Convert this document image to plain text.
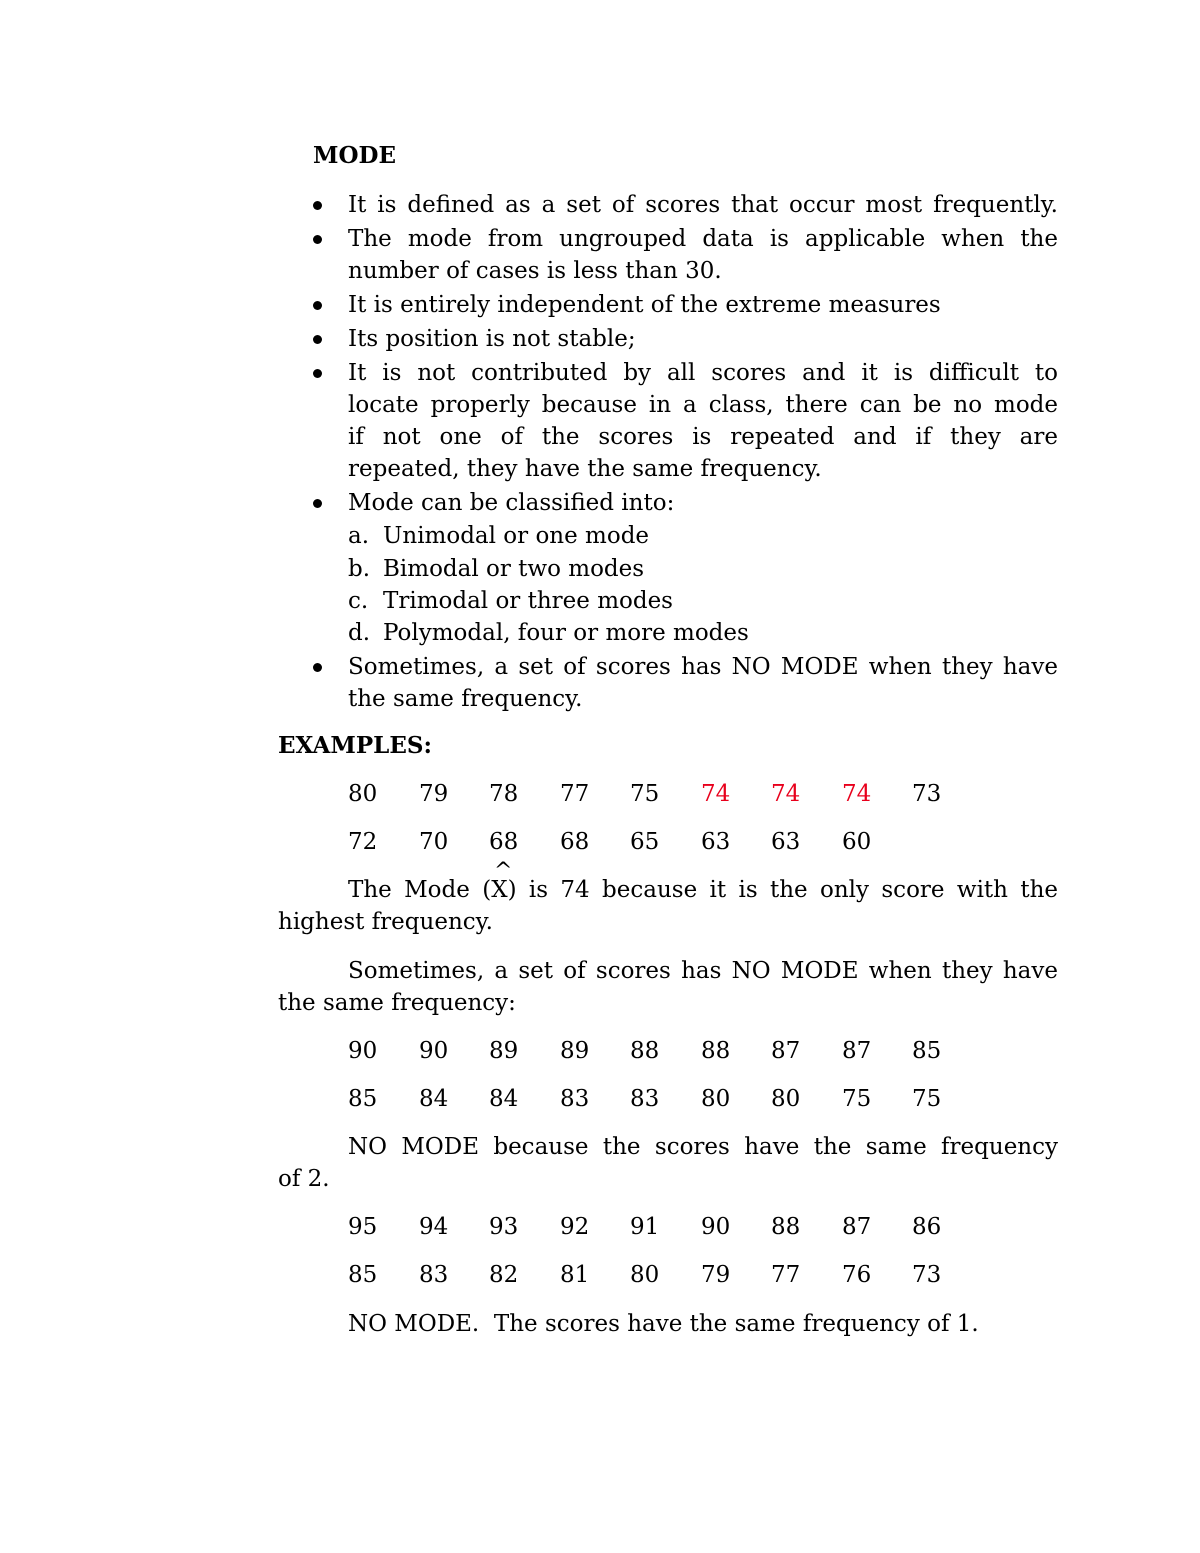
MODE
It is defined as a set of scores that occur most frequently.
The mode from ungrouped data is applicable when the
number of cases is less than 30.
It is entirely independent of the extreme measures
Its position is not stable;
It is not contributed by all scores and it is difficult to
locate properly because in a class, there can be no mode
if not one of the scores is repeated and if they are
repeated, they have the same frequency.
Mode can be classified into:
a. Unimodal or one mode
b. Bimodal or two modes
c. Trimodal or three modes
d. Polymodal, four or more modes
Sometimes, a set of scores has NO MODE when they have
the same frequency.
EXAMPLES:
80	79	78	77	75	74	74	74	73
72	70	68	68	65	63	63	60
^
The Mode (X) is 74 because it is the only score with the
highest frequency.
Sometimes, a set of scores has NO MODE when they have
the same frequency:
90	90	89	89	88	88	87	87	85
85	84	84	83	83	80	80	75	75
NO MODE because the scores have the same frequency
of 2.
95	94	93	92	91	90	88	87	86
85	83	82	81	80	79	77	76	73
NO MODE.  The scores have the same frequency of 1.
